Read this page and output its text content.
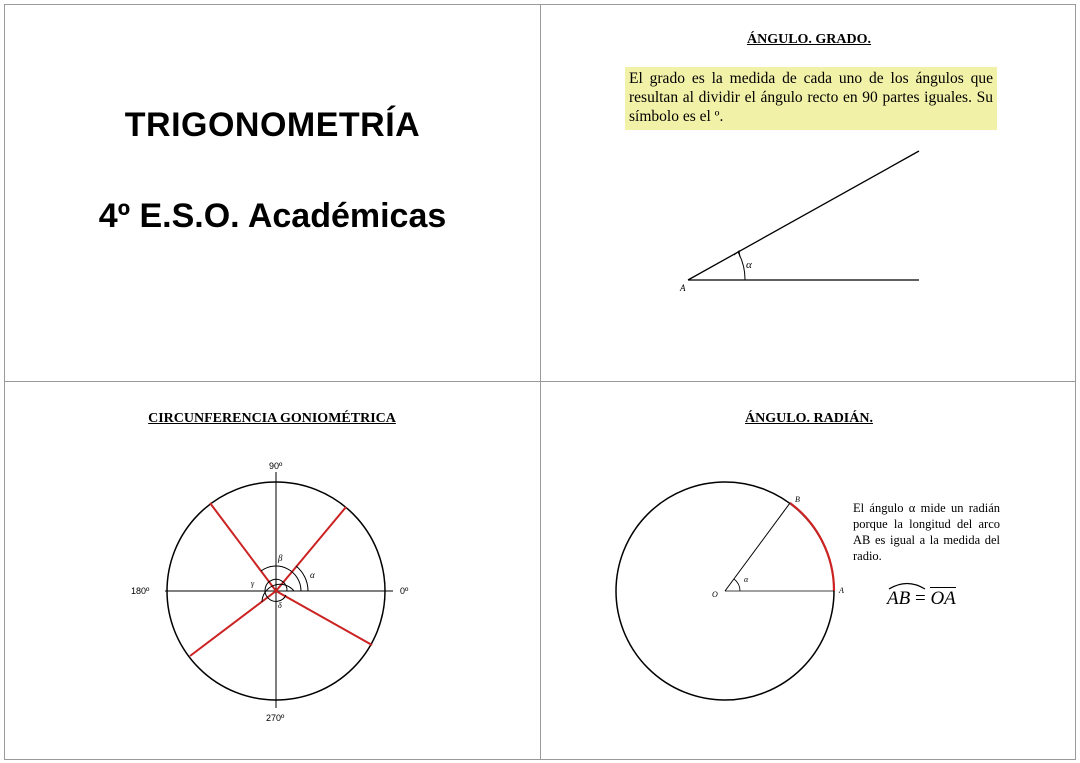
TRIGONOMETRÍA
4º E.S.O. Académicas
ÁNGULO. GRADO.
El grado es la medida de cada uno de los ángulos que resultan al dividir el ángulo recto en 90 partes iguales. Su símbolo es el º.
A
α
CIRCUNFERENCIA GONIOMÉTRICA
90º
180º	0º
270º
α
β
γ
δ
ÁNGULO. RADIÁN.
O	A
B
α
El ángulo α mide un radián porque la longitud del arco AB es igual a la medida del radio.
AB = OA
